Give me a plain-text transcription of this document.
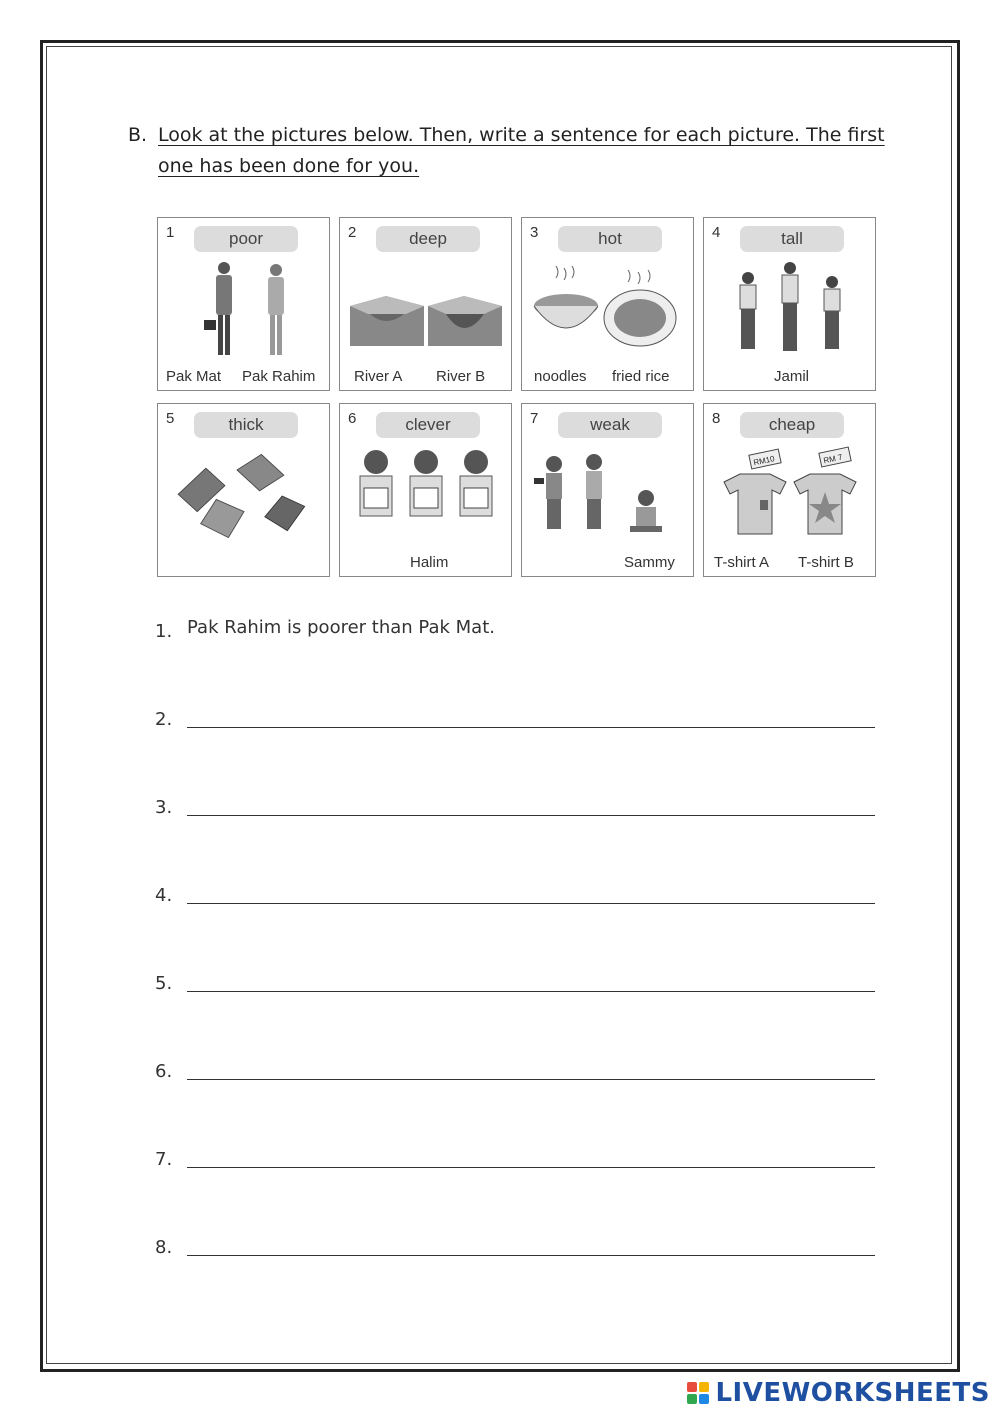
B. Look at the pictures below. Then, write a sentence for each picture. The first one has been done for you.
1	poor
Pak Mat Pak Rahim
2	deep
River A River B
3	hot
noodles fried rice
4	tall
Jamil
5	thick	6	clever
Halim
7	weak
Sammy
8	cheap
RM10	RM 7
T-shirt A T-shirt B
1. Pak Rahim is poorer than Pak Mat.
2.
3.
4.
5.
6.
7.
8.
LIVEWORKSHEETS
